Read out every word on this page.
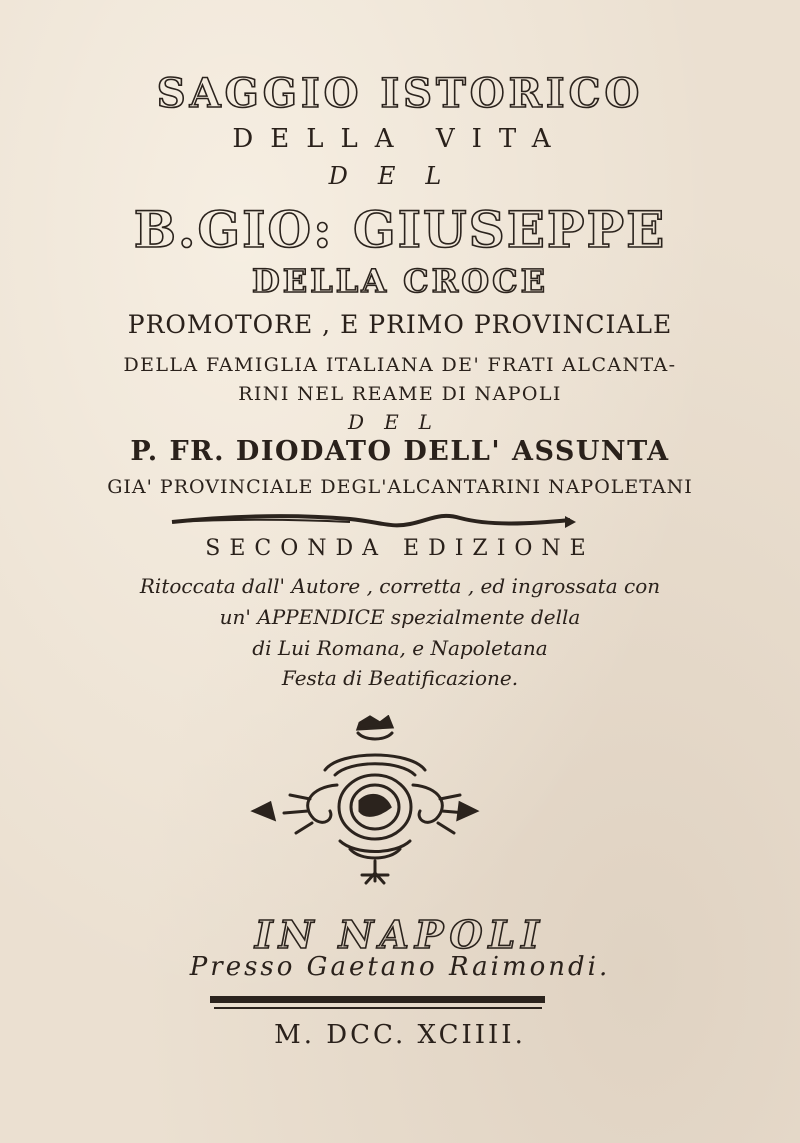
SAGGIO ISTORICO
DELLA VITA
DEL
B.GIO: GIUSEPPE
DELLA CROCE
PROMOTORE , E PRIMO PROVINCIALE
DELLA FAMIGLIA ITALIANA DE' FRATI ALCANTA-
RINI NEL REAME DI NAPOLI
DEL
P. FR. DIODATO DELL' ASSUNTA
GIA' PROVINCIALE DEGL'ALCANTARINI NAPOLETANI
SECONDA EDIZIONE
Ritoccata dall' Autore , corretta , ed ingrossata con
un' APPENDICE spezialmente della
di Lui Romana, e Napoletana
Festa di Beatificazione.
IN NAPOLI
Presso Gaetano Raimondi.
M. DCC. XCIIII.
